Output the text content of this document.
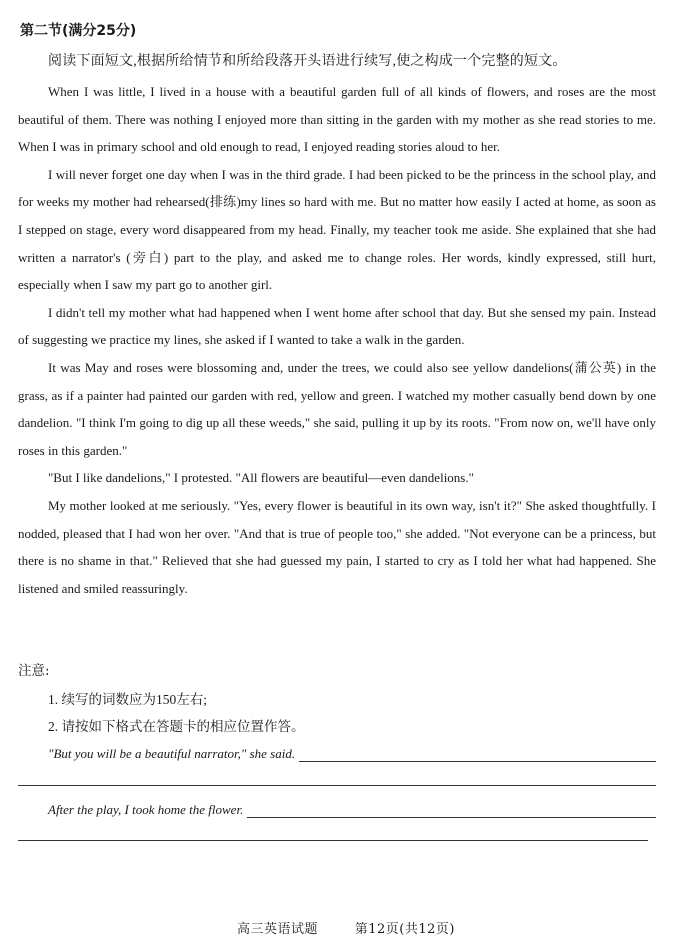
第二节(满分25分)
阅读下面短文,根据所给情节和所给段落开头语进行续写,使之构成一个完整的短文。

When I was little, I lived in a house with a beautiful garden full of all kinds of flowers, and roses are the most beautiful of them. There was nothing I enjoyed more than sitting in the garden with my mother as she read stories to me. When I was in primary school and old enough to read, I enjoyed reading stories aloud to her.

I will never forget one day when I was in the third grade. I had been picked to be the princess in the school play, and for weeks my mother had rehearsed(排练)my lines so hard with me. But no matter how easily I acted at home, as soon as I stepped on stage, every word disappeared from my head. Finally, my teacher took me aside. She explained that she had written a narrator's (旁白) part to the play, and asked me to change roles. Her words, kindly expressed, still hurt, especially when I saw my part go to another girl.

I didn't tell my mother what had happened when I went home after school that day. But she sensed my pain. Instead of suggesting we practice my lines, she asked if I wanted to take a walk in the garden.

It was May and roses were blossoming and, under the trees, we could also see yellow dandelions(蒲公英) in the grass, as if a painter had painted our garden with red, yellow and green. I watched my mother casually bend down by one dandelion. "I think I'm going to dig up all these weeds," she said, pulling it up by its roots. "From now on, we'll have only roses in this garden."

"But I like dandelions," I protested. "All flowers are beautiful—even dandelions."

My mother looked at me seriously. "Yes, every flower is beautiful in its own way, isn't it?" She asked thoughtfully. I nodded, pleased that I had won her over. "And that is true of people too," she added. "Not everyone can be a princess, but there is no shame in that." Relieved that she had guessed my pain, I started to cry as I told her what had happened. She listened and smiled reassuringly.

注意:
1. 续写的词数应为150左右;
2. 请按如下格式在答题卡的相应位置作答。
"But you will be a beautiful narrator," she said.
After the play, I took home the flower.
高三英语试题	第12页(共12页)
